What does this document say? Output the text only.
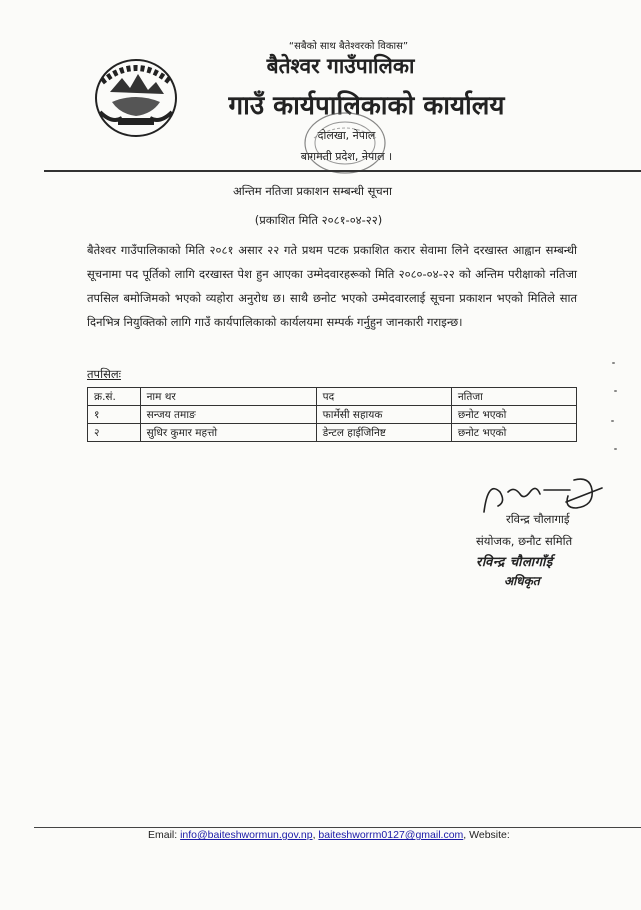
“सबैको साथ बैतेश्वरको विकास”
बैतेश्वर गाउँपालिका
गाउँ कार्यपालिकाको कार्यालय
दोलखा, नेपाल
बागमती प्रदेश, नेपाल ।
अन्तिम नतिजा प्रकाशन सम्बन्धी सूचना
(प्रकाशित मिति २०८१-०४-२२)
बैतेश्वर गाउँपालिकाको मिति २०८१ असार २२ गते प्रथम पटक प्रकाशित करार सेवामा लिने दरखास्त आह्वान सम्बन्धी सूचनामा पद पूर्तिको लागि दरखास्त पेश हुन आएका उम्मेदवारहरूको मिति २०८०-०४-२२ को अन्तिम परीक्षाको नतिजा तपसिल बमोजिमको भएको व्यहोरा अनुरोध छ। साथै छनोट भएको उम्मेदवारलाई सूचना प्रकाशन भएको मितिले सात दिनभित्र नियुक्तिको लागि गाउँ कार्यपालिकाको कार्यलयमा सम्पर्क गर्नुहुन जानकारी गराइन्छ।
तपसिलः
क्र.सं.	नाम थर	पद	नतिजा
१	सन्जय तमाङ	फार्मेसी सहायक	छनोट भएको
२	सुधिर कुमार महत्तो	डेन्टल हाईजिनिष्ट	छनोट भएको
रविन्द्र चौलागाई
संयोजक, छनौट समिति
रविन्द्र चौलागाँई
अधिकृत
Email: info@baiteshwormun.gov.np, baiteshworrm0127@gmail.com, Website:
